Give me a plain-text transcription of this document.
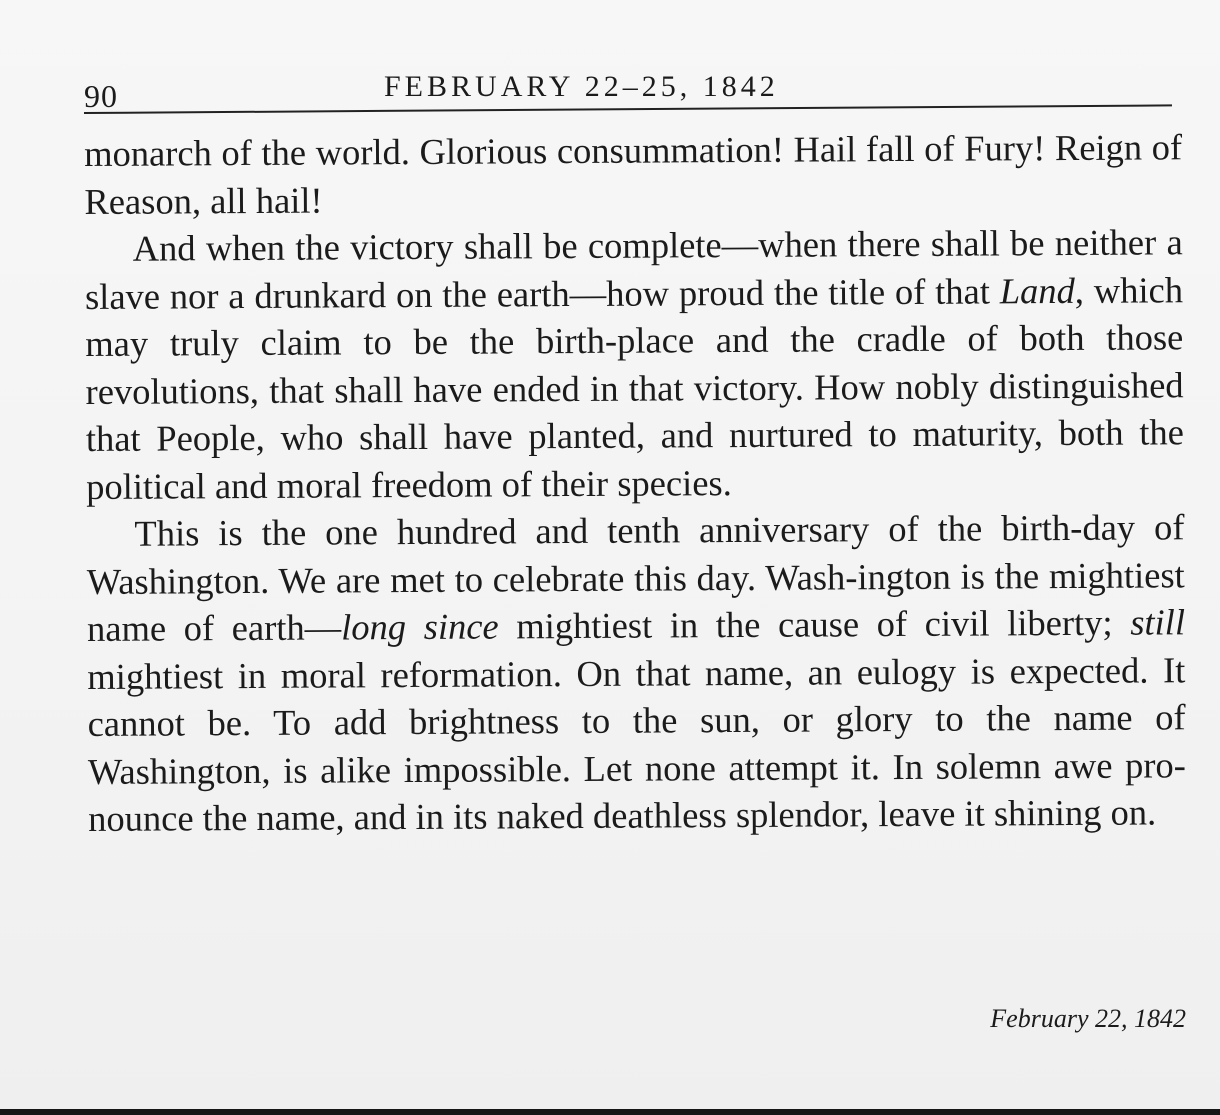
90	FEBRUARY 22–25, 1842

monarch of the world. Glorious consummation! Hail fall of Fury! Reign of Reason, all hail!

And when the victory shall be complete—when there shall be neither a slave nor a drunkard on the earth—how proud the title of that Land, which may truly claim to be the birth-place and the cradle of both those revolutions, that shall have ended in that victory. How nobly distinguished that People, who shall have planted, and nurtured to maturity, both the political and moral freedom of their species.

This is the one hundred and tenth anniversary of the birth-day of Washington. We are met to celebrate this day. Wash-ington is the mightiest name of earth—long since mightiest in the cause of civil liberty; still mightiest in moral reformation. On that name, an eulogy is expected. It cannot be. To add brightness to the sun, or glory to the name of Washington, is alike impossible. Let none attempt it. In solemn awe pro-nounce the name, and in its naked deathless splendor, leave it shining on.

February 22, 1842
